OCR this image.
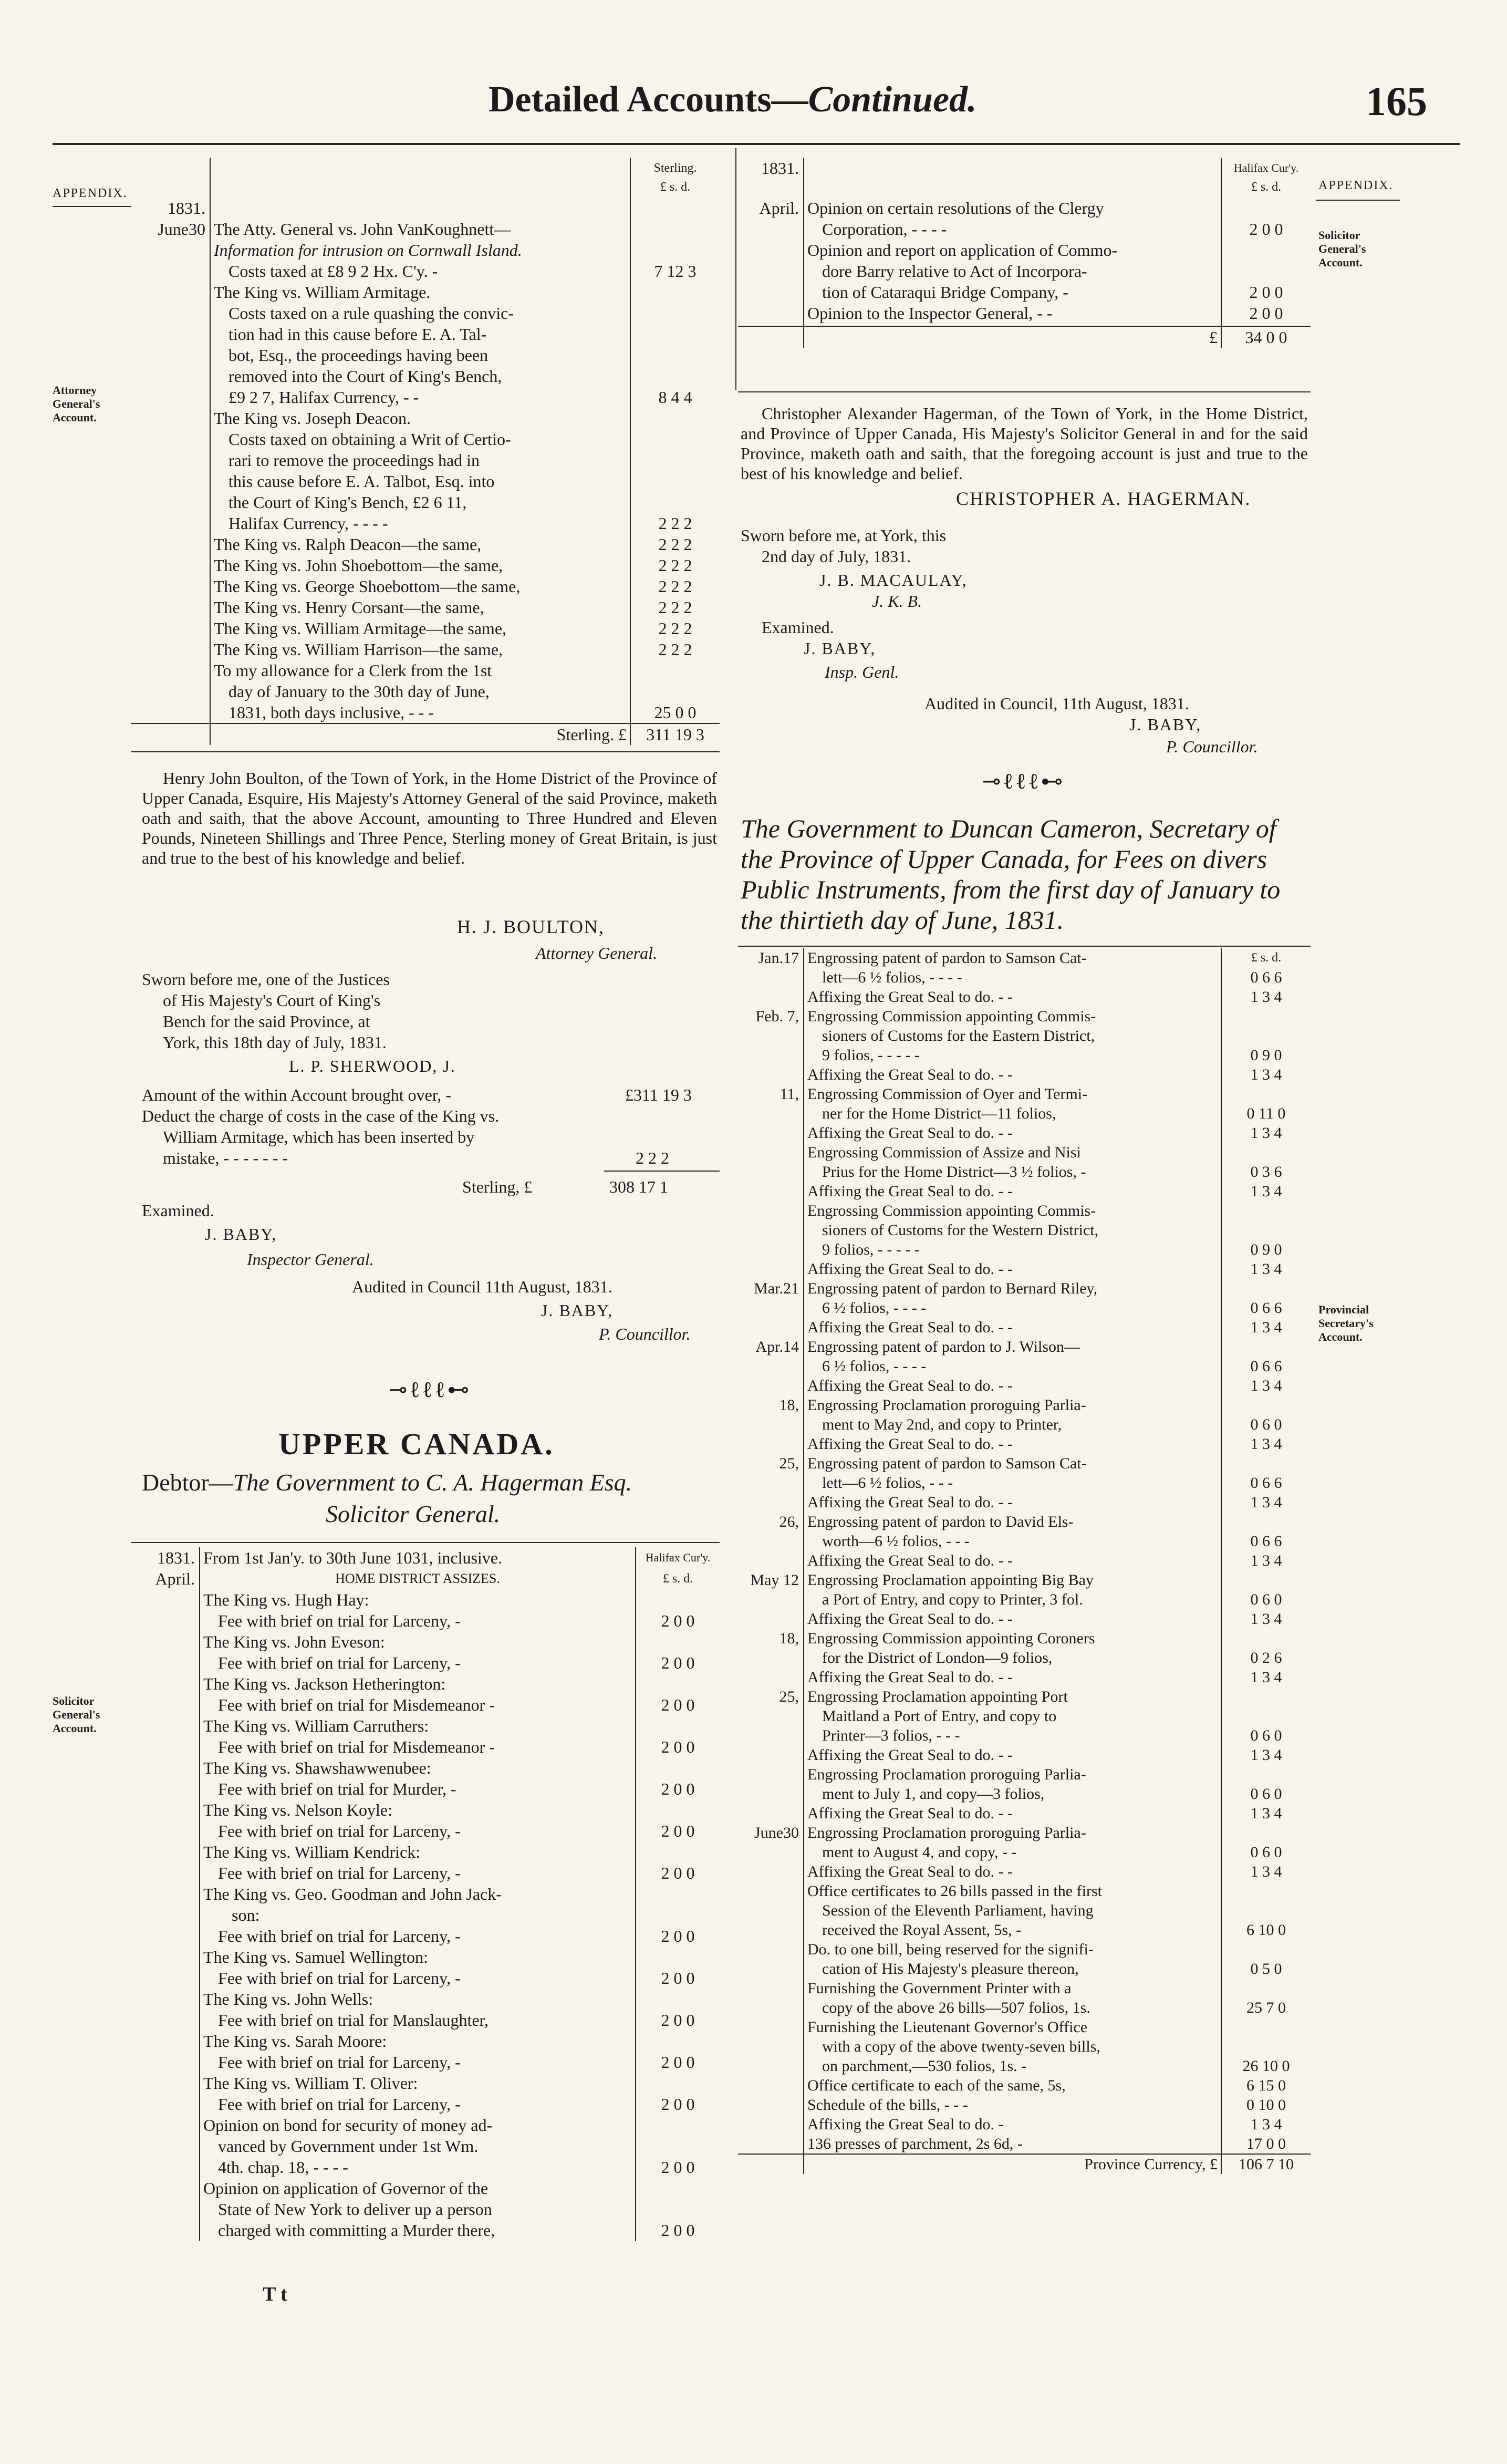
Detailed Accounts—Continued.	165
APPENDIX.
APPENDIX.
Attorney
General's
Account.
Solicitor
General's
Account.
Solicitor
General's
Account.
Provincial
Secretary's
Account.

		Sterling.
£ s. d.

1831.		
June30	The Atty. General vs. John VanKoughnett—	
	Information for intrusion on Cornwall Island.	
	Costs taxed at £8 9 2 Hx. C'y. -	7 12 3
	The King vs. William Armitage.	
	Costs taxed on a rule quashing the convic-	
	tion had in this cause before E. A. Tal-	
	bot, Esq., the proceedings having been	
	removed into the Court of King's Bench,	
	£9 2 7, Halifax Currency, - -	8 4 4
	The King vs. Joseph Deacon.	
	Costs taxed on obtaining a Writ of Certio-	
	rari to remove the proceedings had in	
	this cause before E. A. Talbot, Esq. into	
	the Court of King's Bench, £2 6 11,	
	Halifax Currency, - - - -	2 2 2
	The King vs. Ralph Deacon—the same,	2 2 2
	The King vs. John Shoebottom—the same,	2 2 2
	The King vs. George Shoebottom—the same,	2 2 2
	The King vs. Henry Corsant—the same,	2 2 2
	The King vs. William Armitage—the same,	2 2 2
	The King vs. William Harrison—the same,	2 2 2
	To my allowance for a Clerk from the 1st	
	day of January to the 30th day of June,	
	1831, both days inclusive, - - -	25 0 0
	Sterling. £	311 19 3
Henry John Boulton, of the Town of York, in the Home District of the Province of Upper Canada, Esquire, His Majesty's Attorney General of the said Province, maketh oath and saith, that the above Account, amounting to Three Hundred and Eleven Pounds, Nineteen Shillings and Three Pence, Sterling money of Great Britain, is just and true to the best of his knowledge and belief.
H. J. BOULTON,
Attorney General.
Sworn before me, one of the Justices
of His Majesty's Court of King's
Bench for the said Province, at
York, this 18th day of July, 1831.
L. P. SHERWOOD, J.
Amount of the within Account brought over, -	£311 19 3
Deduct the charge of costs in the case of the King vs.
William Armitage, which has been inserted by
mistake, - - - - - - -	2 2 2
Sterling, £	308 17 1
Examined.
J. BABY,
Inspector General.
Audited in Council 11th August, 1831.
J. BABY,
P. Councillor.
⊸ℓℓℓ⊷
UPPER CANADA.
Debtor—The Government to C. A. Hagerman Esq.
Solicitor General.
1831.	From 1st Jan'y. to 30th June 1031, inclusive.	Halifax Cur'y.
April.	HOME DISTRICT ASSIZES.	£ s. d.
	The King vs. Hugh Hay:	
	Fee with brief on trial for Larceny, -	2 0 0
	The King vs. John Eveson:	
	Fee with brief on trial for Larceny, -	2 0 0
	The King vs. Jackson Hetherington:	
	Fee with brief on trial for Misdemeanor -	2 0 0
	The King vs. William Carruthers:	
	Fee with brief on trial for Misdemeanor -	2 0 0
	The King vs. Shawshawwenubee:	
	Fee with brief on trial for Murder, -	2 0 0
	The King vs. Nelson Koyle:	
	Fee with brief on trial for Larceny, -	2 0 0
	The King vs. William Kendrick:	
	Fee with brief on trial for Larceny, -	2 0 0
	The King vs. Geo. Goodman and John Jack-	
	son:	
	Fee with brief on trial for Larceny, -	2 0 0
	The King vs. Samuel Wellington:	
	Fee with brief on trial for Larceny, -	2 0 0
	The King vs. John Wells:	
	Fee with brief on trial for Manslaughter,	2 0 0
	The King vs. Sarah Moore:	
	Fee with brief on trial for Larceny, -	2 0 0
	The King vs. William T. Oliver:	
	Fee with brief on trial for Larceny, -	2 0 0
	Opinion on bond for security of money ad-	
	vanced by Government under 1st Wm.	
	4th. chap. 18, - - - -	2 0 0
	Opinion on application of Governor of the	
	State of New York to deliver up a person	
	charged with committing a Murder there,	2 0 0
T t
1831.		Halifax Cur'y.
£ s. d.

April.	Opinion on certain resolutions of the Clergy	
	Corporation, - - - -	2 0 0
	Opinion and report on application of Commo-	
	dore Barry relative to Act of Incorpora-	
	tion of Cataraqui Bridge Company, -	2 0 0
	Opinion to the Inspector General, - -	2 0 0

	£	34 0 0
Christopher Alexander Hagerman, of the Town of York, in the Home District, and Province of Upper Canada, His Majesty's Solicitor General in and for the said Province, maketh oath and saith, that the foregoing account is just and true to the best of his knowledge and belief.
CHRISTOPHER A. HAGERMAN.
Sworn before me, at York, this
2nd day of July, 1831.
J. B. MACAULAY,
J. K. B.
Examined.
J. BABY,
Insp. Genl.
Audited in Council, 11th August, 1831.
J. BABY,
P. Councillor.
⊸ℓℓℓ⊷
The Government to Duncan Cameron, Secretary of the Province of Upper Canada, for Fees on divers Public Instruments, from the first day of January to the thirtieth day of June, 1831.
Jan.17	Engrossing patent of pardon to Samson Cat-	£ s. d.
	lett—6 ½ folios, - - - -	0 6 6
	Affixing the Great Seal to do. - -	1 3 4
Feb. 7,	Engrossing Commission appointing Commis-	
	sioners of Customs for the Eastern District,	
	9 folios, - - - - -	0 9 0
	Affixing the Great Seal to do. - -	1 3 4
11,	Engrossing Commission of Oyer and Termi-	
	ner for the Home District—11 folios,	0 11 0
	Affixing the Great Seal to do. - -	1 3 4
	Engrossing Commission of Assize and Nisi	
	Prius for the Home District—3 ½ folios, -	0 3 6
	Affixing the Great Seal to do. - -	1 3 4
	Engrossing Commission appointing Commis-	
	sioners of Customs for the Western District,	
	9 folios, - - - - -	0 9 0
	Affixing the Great Seal to do. - -	1 3 4
Mar.21	Engrossing patent of pardon to Bernard Riley,	
	6 ½ folios, - - - -	0 6 6
	Affixing the Great Seal to do. - -	1 3 4
Apr.14	Engrossing patent of pardon to J. Wilson—	
	6 ½ folios, - - - -	0 6 6
	Affixing the Great Seal to do. - -	1 3 4
18,	Engrossing Proclamation proroguing Parlia-	
	ment to May 2nd, and copy to Printer,	0 6 0
	Affixing the Great Seal to do. - -	1 3 4
25,	Engrossing patent of pardon to Samson Cat-	
	lett—6 ½ folios, - - -	0 6 6
	Affixing the Great Seal to do. - -	1 3 4
26,	Engrossing patent of pardon to David Els-	
	worth—6 ½ folios, - - -	0 6 6
	Affixing the Great Seal to do. - -	1 3 4
May 12	Engrossing Proclamation appointing Big Bay	
	a Port of Entry, and copy to Printer, 3 fol.	0 6 0
	Affixing the Great Seal to do. - -	1 3 4
18,	Engrossing Commission appointing Coroners	
	for the District of London—9 folios,	0 2 6
	Affixing the Great Seal to do. - -	1 3 4
25,	Engrossing Proclamation appointing Port	
	Maitland a Port of Entry, and copy to	
	Printer—3 folios, - - -	0 6 0
	Affixing the Great Seal to do. - -	1 3 4
	Engrossing Proclamation proroguing Parlia-	
	ment to July 1, and copy—3 folios,	0 6 0
	Affixing the Great Seal to do. - -	1 3 4
June30	Engrossing Proclamation proroguing Parlia-	
	ment to August 4, and copy, - -	0 6 0
	Affixing the Great Seal to do. - -	1 3 4
	Office certificates to 26 bills passed in the first	
	Session of the Eleventh Parliament, having	
	received the Royal Assent, 5s, -	6 10 0
	Do. to one bill, being reserved for the signifi-	
	cation of His Majesty's pleasure thereon,	0 5 0
	Furnishing the Government Printer with a	
	copy of the above 26 bills—507 folios, 1s.	25 7 0
	Furnishing the Lieutenant Governor's Office	
	with a copy of the above twenty-seven bills,	
	on parchment,—530 folios, 1s. -	26 10 0
	Office certificate to each of the same, 5s,	6 15 0
	Schedule of the bills, - - -	0 10 0
	Affixing the Great Seal to do. -	1 3 4
	136 presses of parchment, 2s 6d, -	17 0 0
	Province Currency, £	106 7 10
